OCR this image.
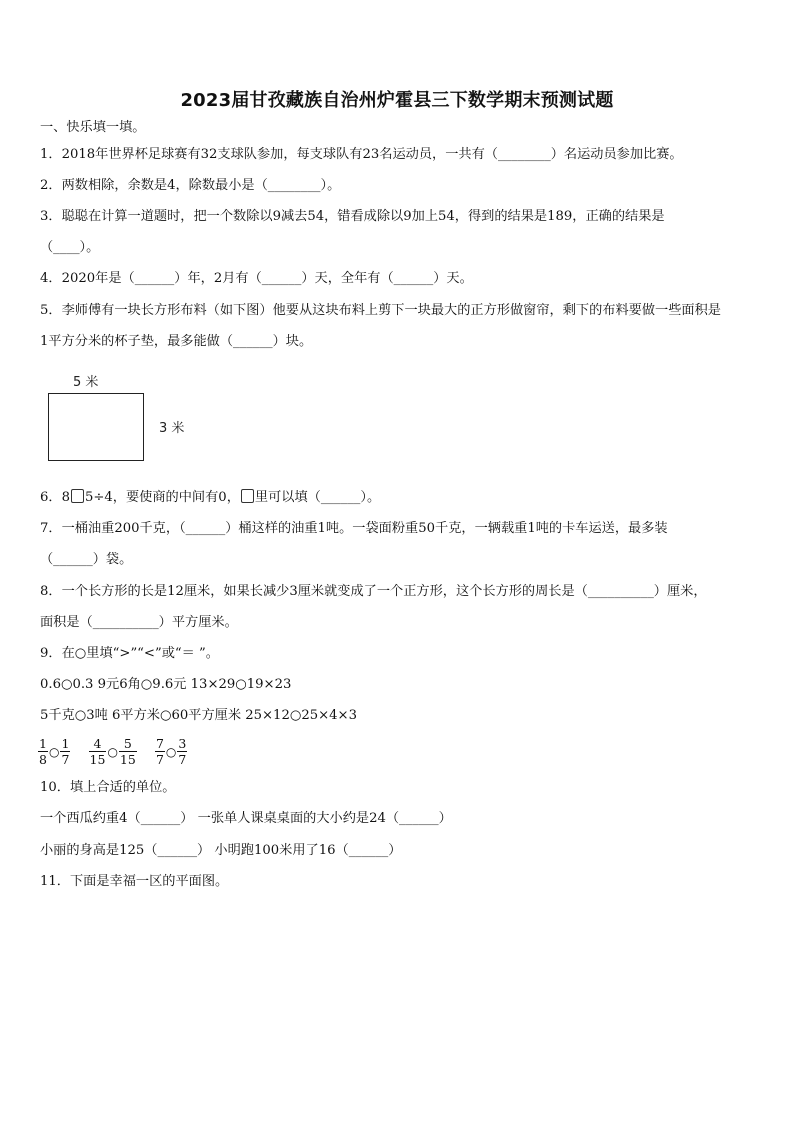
2023届甘孜藏族自治州炉霍县三下数学期末预测试题
一、快乐填一填。
1．2018年世界杯足球赛有32支球队参加，每支球队有23名运动员，一共有（________）名运动员参加比赛。
2．两数相除，余数是4，除数最小是（________）。
3．聪聪在计算一道题时，把一个数除以9减去54，错看成除以9加上54，得到的结果是189，正确的结果是
（____）。
4．2020年是（______）年，2月有（______）天，全年有（______）天。
5．李师傅有一块长方形布料（如下图）他要从这块布料上剪下一块最大的正方形做窗帘，剩下的布料要做一些面积是
1平方分米的杯子垫，最多能做（______）块。
5 米
3 米
6．8 5÷4，要使商的中间有0， 里可以填（______）。
7．一桶油重200千克，（______）桶这样的油重1吨。一袋面粉重50千克，一辆载重1吨的卡车运送，最多装
（______）袋。
8．一个长方形的长是12厘米，如果长减少3厘米就变成了一个正方形，这个长方形的周长是（__________）厘米，
面积是（__________）平方厘米。
9．在○里填“>”“<”或“＝ ”。
0.6○0.3 9元6角○9.6元 13×29○19×23
5千克○3吨 6平方米○60平方厘米 25×12○25×4×3
$\frac{1}{8}$ ○ $\frac{1}{7}$
$\frac{4}{15}$ ○ $\frac{5}{15}$
$\frac{7}{7}$ ○ $\frac{3}{7}$
10．填上合适的单位。
一个西瓜约重4（______） 一张单人课桌桌面的大小约是24（______）
小丽的身高是125（______） 小明跑100米用了16（______）
11．下面是幸福一区的平面图。
